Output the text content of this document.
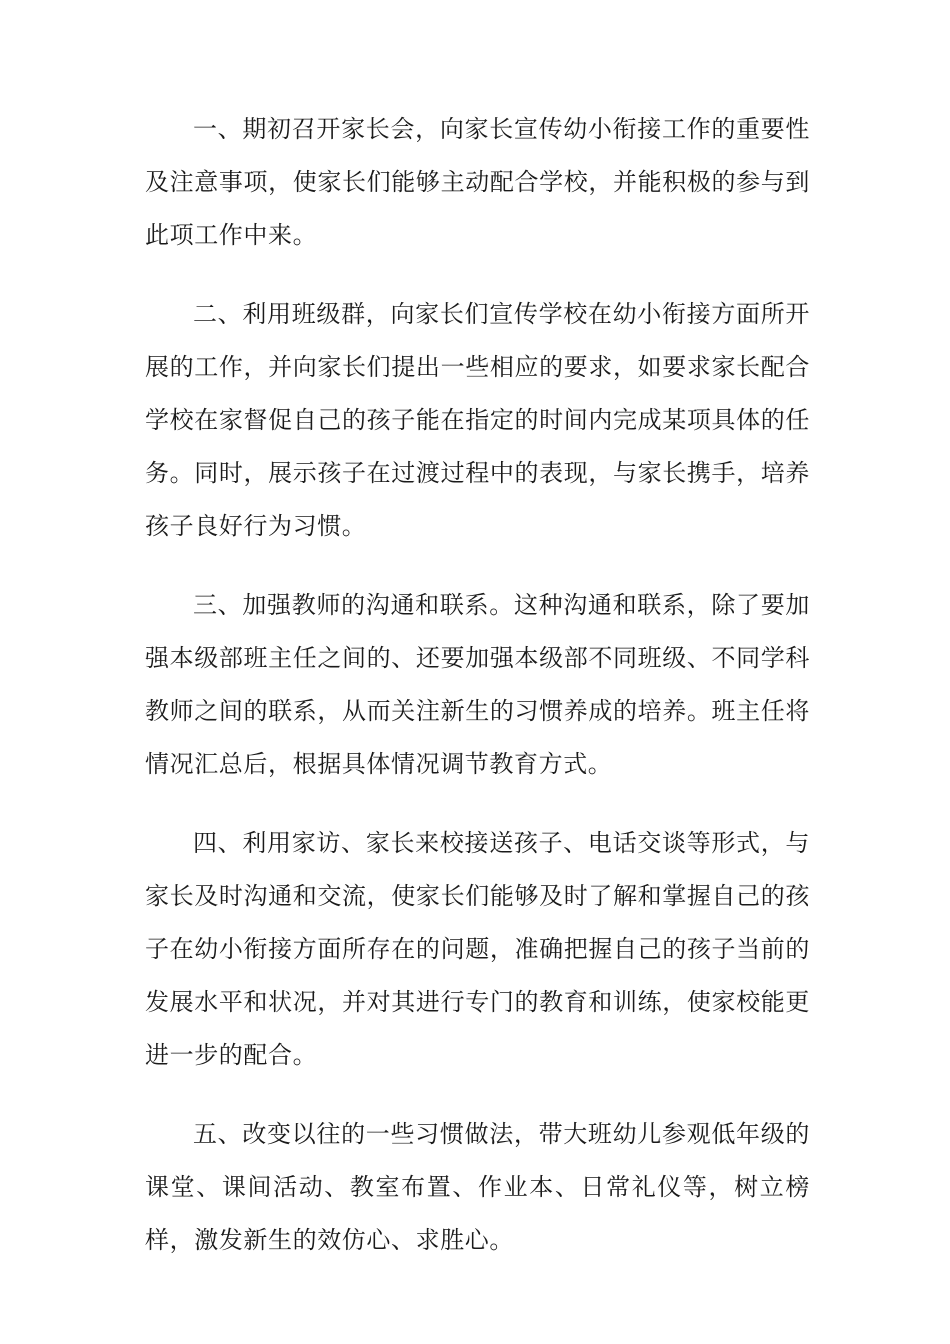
一、期初召开家长会，向家长宣传幼小衔接工作的重要性及注意事项，使家长们能够主动配合学校，并能积极的参与到此项工作中来。

二、利用班级群，向家长们宣传学校在幼小衔接方面所开展的工作，并向家长们提出一些相应的要求，如要求家长配合学校在家督促自己的孩子能在指定的时间内完成某项具体的任务。同时，展示孩子在过渡过程中的表现，与家长携手，培养孩子良好行为习惯。

三、加强教师的沟通和联系。这种沟通和联系，除了要加强本级部班主任之间的、还要加强本级部不同班级、不同学科教师之间的联系，从而关注新生的习惯养成的培养。班主任将情况汇总后，根据具体情况调节教育方式。

四、利用家访、家长来校接送孩子、电话交谈等形式，与家长及时沟通和交流，使家长们能够及时了解和掌握自己的孩子在幼小衔接方面所存在的问题，准确把握自己的孩子当前的发展水平和状况，并对其进行专门的教育和训练，使家校能更进一步的配合。

五、改变以往的一些习惯做法，带大班幼儿参观低年级的课堂、课间活动、教室布置、作业本、日常礼仪等，树立榜样，激发新生的效仿心、求胜心。
